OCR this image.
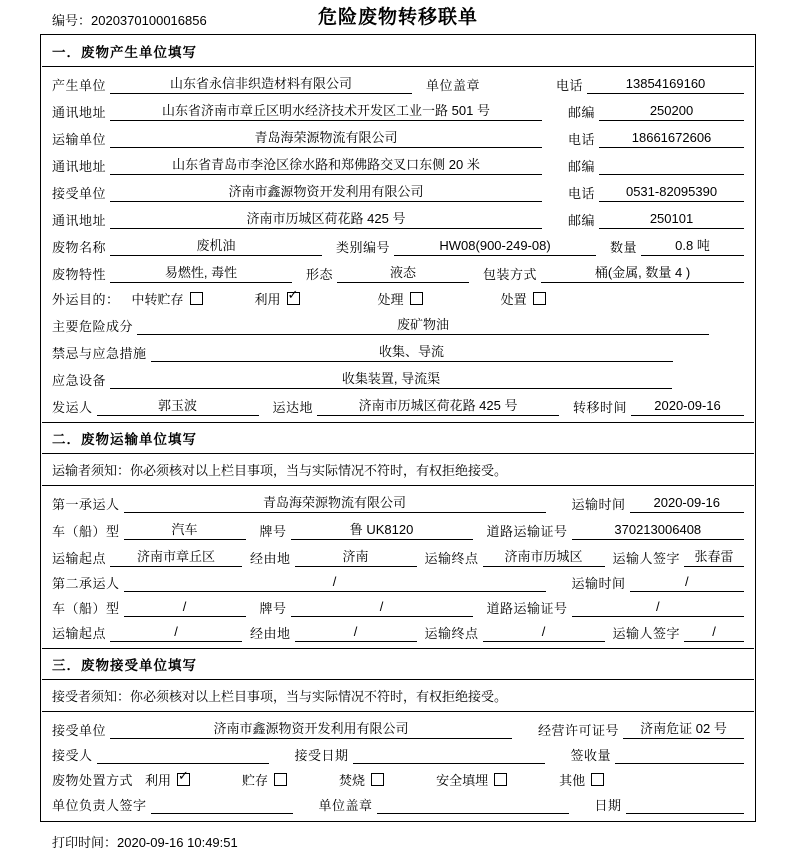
编号：2020370100016856	危险废物转移联单
一．废物产生单位填写
产生单位	山东省永信非织造材料有限公司	单位盖章	电话	13854169160
通讯地址	山东省济南市章丘区明水经济技术开发区工业一路 501 号	邮编	250200
运输单位	青岛海荣源物流有限公司	电话	18661672606
通讯地址	山东省青岛市李沧区徐水路和郑佛路交叉口东侧 20 米	邮编
接受单位	济南市鑫源物资开发利用有限公司	电话	0531-82095390
通讯地址	济南市历城区荷花路 425 号	邮编	250101
废物名称	废机油	类别编号	HW08(900-249-08)	数量	0.8 吨
废物特性	易燃性, 毒性	形态	液态	包装方式	桶(金属, 数量 4 )
外运目的： 中转贮存	利用 ✓	处理	处置
主要危险成分	废矿物油
禁忌与应急措施	收集、导流
应急设备	收集装置, 导流渠
发运人	郭玉波	运达地	济南市历城区荷花路 425 号	转移时间	2020-09-16
二．废物运输单位填写
运输者须知：你必须核对以上栏目事项，当与实际情况不符时，有权拒绝接受。
第一承运人	青岛海荣源物流有限公司	运输时间	2020-09-16
车（船）型	汽车	牌号	鲁 UK8120	道路运输证号	370213006408
运输起点	济南市章丘区	经由地	济南	运输终点	济南市历城区	运输人签字	张春雷
第二承运人	/	运输时间	/
车（船）型	/	牌号	/	道路运输证号	/
运输起点	/	经由地	/	运输终点	/	运输人签字	/
三．废物接受单位填写
接受者须知：你必须核对以上栏目事项，当与实际情况不符时，有权拒绝接受。
接受单位	济南市鑫源物资开发利用有限公司	经营许可证号	济南危证 02 号
接受人	接受日期	签收量
废物处置方式 利用 ✓	贮存	焚烧	安全填埋	其他
单位负责人签字	单位盖章	日期
打印时间：2020-09-16 10:49:51
